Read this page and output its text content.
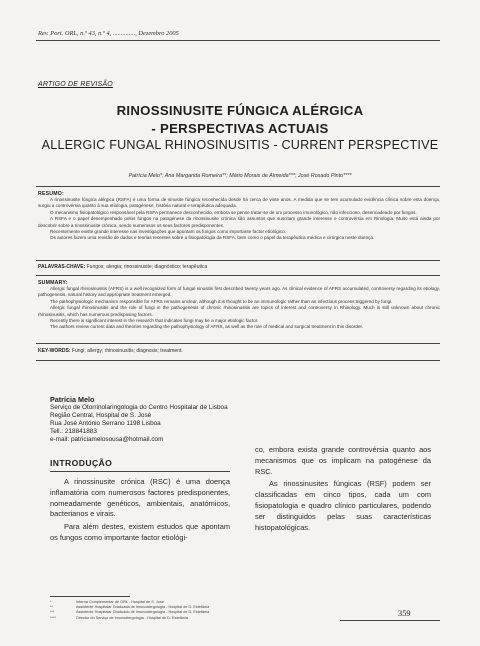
Rev. Port. ORL, n.º 43, n.º 4, .............., Dezembro 2005
ARTIGO DE REVISÃO
RINOSSINUSITE FÚNGICA ALÉRGICA
- PERSPECTIVAS ACTUAIS
ALLERGIC FUNGAL RHINOSINUSITIS - CURRENT PERSPECTIVE
Patrícia Melo*; Ana Margarida Romeira**; Mário Morais de Almeida***; José Rosado Pinto****
RESUMO:

A rinossinusite fúngica alérgica (RSFA) é uma forma de sinusite fúngica reconhecida desde há cerca de vinte anos. A medida que se tem acumulado evidência clínica sobre esta doença, surgiu a controvérsia quanto à sua etiologia, patogénese, história natural e terapêutica adequada.

O mecanismo fisiopatológico responsável pela RSFA permanece desconhecido, embora se pense tratar-se de um processo imunológico, não infeccioso, desencadeado por fungos.

A RSFA e o papel desempenhado pelos fungos na patogénese da rinossinusite crónica são assuntos que suscitam grande interesse e controvérsia em Rinologia. Muito está ainda por descobrir sobre a rinossinusite crónica, sendo numerosos os seus factores predisponentes.

Recentemente existe grande interesse nas investigações que apontam os fungos como importante factor etiológico.

Os autores fazem uma revisão de dados e teorias recentes sobre a fisiopatologia da RSFA, bem como o papel da terapêutica médica e cirúrgica neste doença.

PALAVRAS-CHAVE: Fungos; alergia; rinossinusite; diagnóstico; terapêutica
SUMMARY:

Allergic fungal rhinosinusitis (AFRS) is a well recognized form of fungal sinusitis first described twenty years ago. As clinical evidence of AFRS accumulated, controversy regarding its etiology, pathogenesis, natural history and appropriate treatment emerged.

The pathophysiologic mechanism responsible for AFRS remains unclear, although it is thought to be an immunologic rather than an infectious process triggered by fungi.

Allergic fungal rhinosinusitis and the role of fungi in the pathogenesis of chronic rhinosinusitis are topics of interest and controversy in Rhinology. Much is still unknown about chronic rhinosinusitis, which has numerous predisposing factors.

Recently there is significant interest in the research that indicates fungi may be a major etiologic factor.

The authors review current data and theories regarding the pathophysiology of AFRS, as well as the role of medical and surgical treatment in this disorder.

KEY-WORDS: Fungi; allergy; rhinosinusitis; diagnosis; treatment.
Patrícia Melo
Serviço de Otorrinolaringologia do Centro Hospitalar de Lisboa
Região Central, Hospital de S. José
Rua José António Serrano 1198 Lisboa
Tell.: 218841883
e-mail: patriciamelosousa@hotmail.com
INTRODUÇÃO

A rinossinusite crónica (RSC) é uma doença inflamatória com numerosos factores predisponentes, nomeadamente genéticos, ambientais, anatómicos, bacterianos e virais.

Para além destes, existem estudos que apontam os fungos como importante factor etiológi-

co, embora exista grande controvérsia quanto aos mecanismos que os implicam na patogénese da RSC.

As rinossinusites fúngicas (RSF) podem ser classificadas em cinco tipos, cada um com fisiopatologia e quadro clínico particulares, podendo ser distinguidos pelas suas características histopatológicas.

*	Interna Complementar de ORL - Hospital de S. José
**	Assistente Hospitalar Graduada de Imunoalergologia - Hospital de D. Estefânia
***	Assistente Hospitalar Graduado de Imunoalergologia - Hospital de D. Estefânia
****	Director do Serviço de Imunoalergologia - Hospital de D. Estefânia	359
